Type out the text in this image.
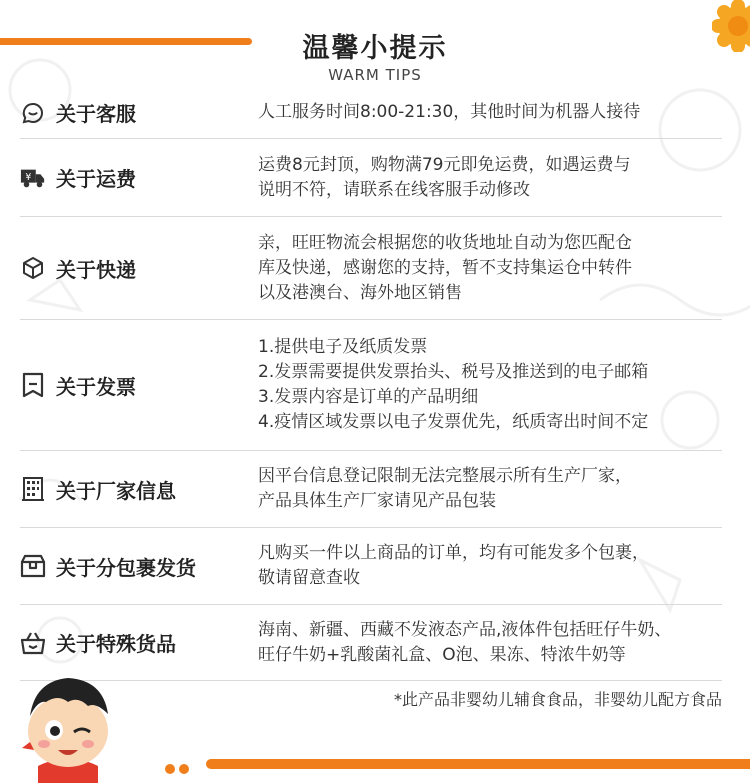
温馨小提示
WARM TIPS
关于客服	人工服务时间8:00-21:30，其他时间为机器人接待
¥ 关于运费
运费8元封顶，购物满79元即免运费，如遇运费与
说明不符，请联系在线客服手动修改
关于快递
亲，旺旺物流会根据您的收货地址自动为您匹配仓
库及快递，感谢您的支持，暂不支持集运仓中转件
以及港澳台、海外地区销售
关于发票
1.提供电子及纸质发票
2.发票需要提供发票抬头、税号及推送到的电子邮箱
3.发票内容是订单的产品明细
4.疫情区域发票以电子发票优先，纸质寄出时间不定
关于厂家信息
因平台信息登记限制无法完整展示所有生产厂家，
产品具体生产厂家请见产品包装
关于分包裹发货
凡购买一件以上商品的订单，均有可能发多个包裹，
敬请留意查收
关于特殊货品
海南、新疆、西藏不发液态产品,液体件包括旺仔牛奶、
旺仔牛奶+乳酸菌礼盒、O泡、果冻、特浓牛奶等
*此产品非婴幼儿辅食食品，非婴幼儿配方食品
